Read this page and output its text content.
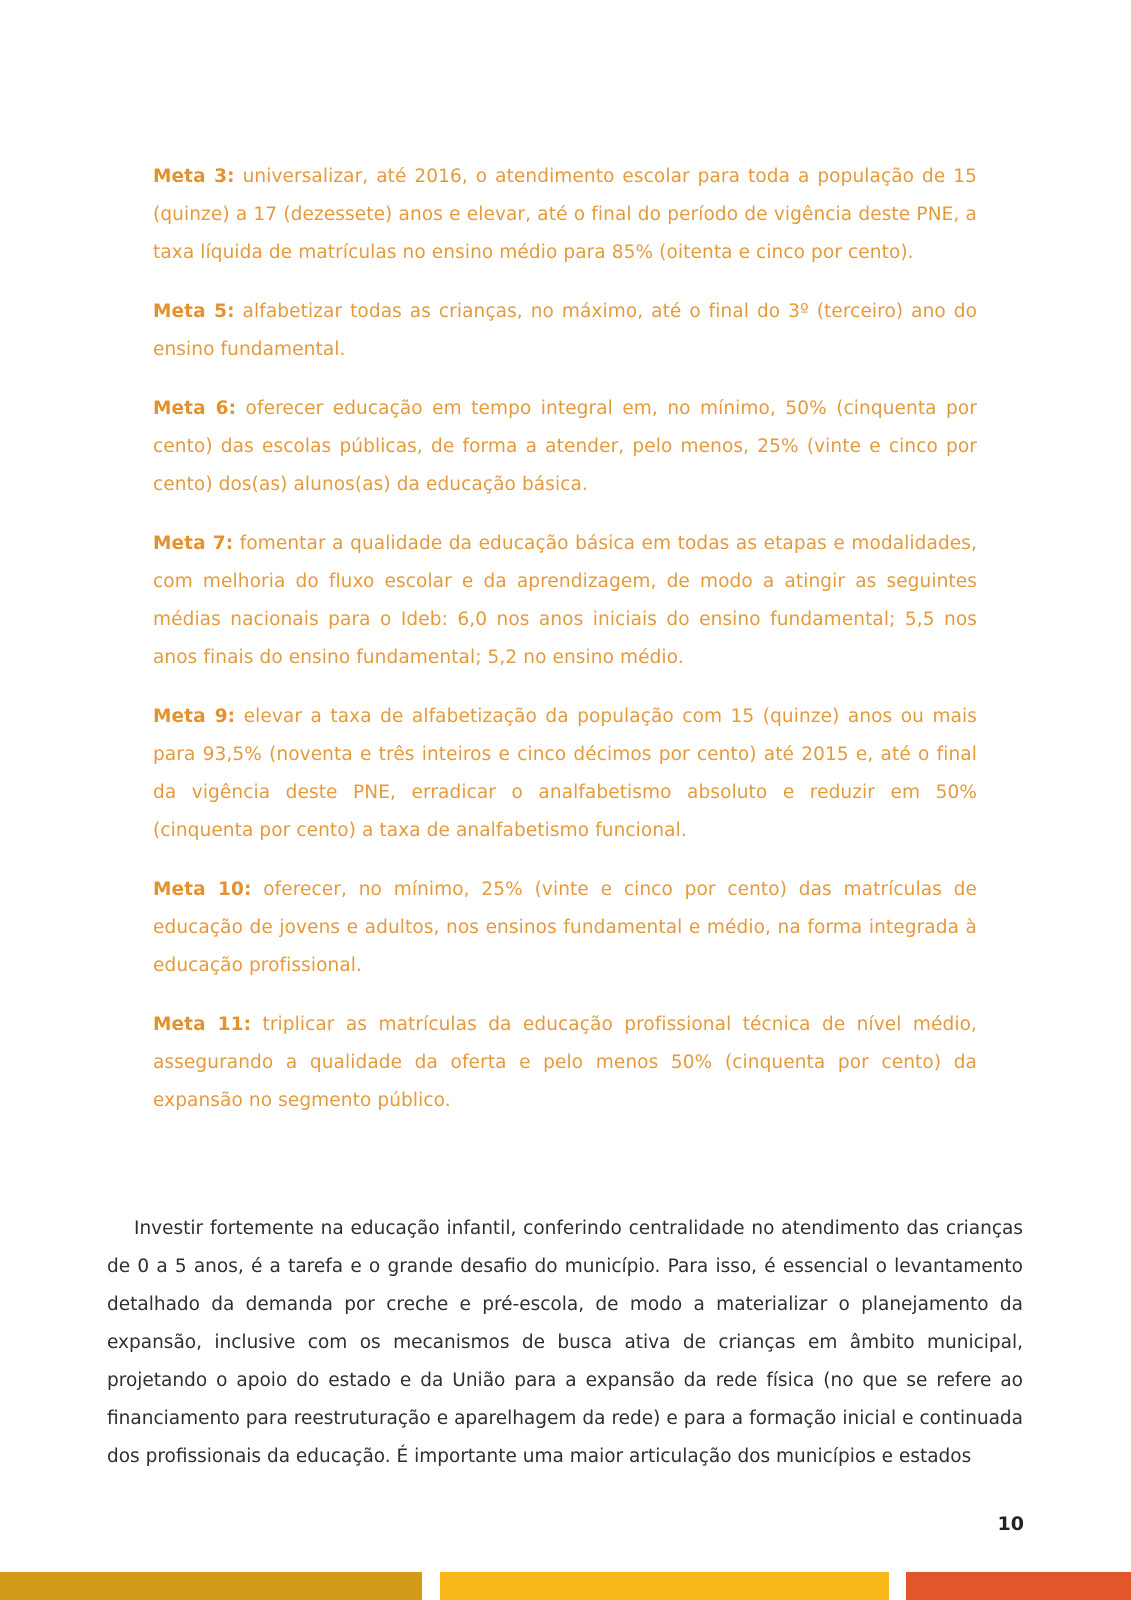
Meta 3: universalizar, até 2016, o atendimento escolar para toda a população de 15 (quinze) a 17 (dezessete) anos e elevar, até o final do período de vigência deste PNE, a taxa líquida de matrículas no ensino médio para 85% (oitenta e cinco por cento).

Meta 5: alfabetizar todas as crianças, no máximo, até o final do 3º (terceiro) ano do ensino fundamental.

Meta 6: oferecer educação em tempo integral em, no mínimo, 50% (cinquenta por cento) das escolas públicas, de forma a atender, pelo menos, 25% (vinte e cinco por cento) dos(as) alunos(as) da educação básica.

Meta 7: fomentar a qualidade da educação básica em todas as etapas e modalidades, com melhoria do fluxo escolar e da aprendizagem, de modo a atingir as seguintes médias nacionais para o Ideb: 6,0 nos anos iniciais do ensino fundamental; 5,5 nos anos finais do ensino fundamental; 5,2 no ensino médio.

Meta 9: elevar a taxa de alfabetização da população com 15 (quinze) anos ou mais para 93,5% (noventa e três inteiros e cinco décimos por cento) até 2015 e, até o final da vigência deste PNE, erradicar o analfabetismo absoluto e reduzir em 50% (cinquenta por cento) a taxa de analfabetismo funcional.

Meta 10: oferecer, no mínimo, 25% (vinte e cinco por cento) das matrículas de educação de jovens e adultos, nos ensinos fundamental e médio, na forma integrada à educação profissional.

Meta 11: triplicar as matrículas da educação profissional técnica de nível médio, assegurando a qualidade da oferta e pelo menos 50% (cinquenta por cento) da expansão no segmento público.

Investir fortemente na educação infantil, conferindo centralidade no atendimento das crianças de 0 a 5 anos, é a tarefa e o grande desafio do município. Para isso, é essencial o levantamento detalhado da demanda por creche e pré-escola, de modo a materializar o planejamento da expansão, inclusive com os mecanismos de busca ativa de crianças em âmbito municipal, projetando o apoio do estado e da União para a expansão da rede física (no que se refere ao financiamento para reestruturação e aparelhagem da rede) e para a formação inicial e continuada dos profissionais da educação. É importante uma maior articulação dos municípios e estados

10
